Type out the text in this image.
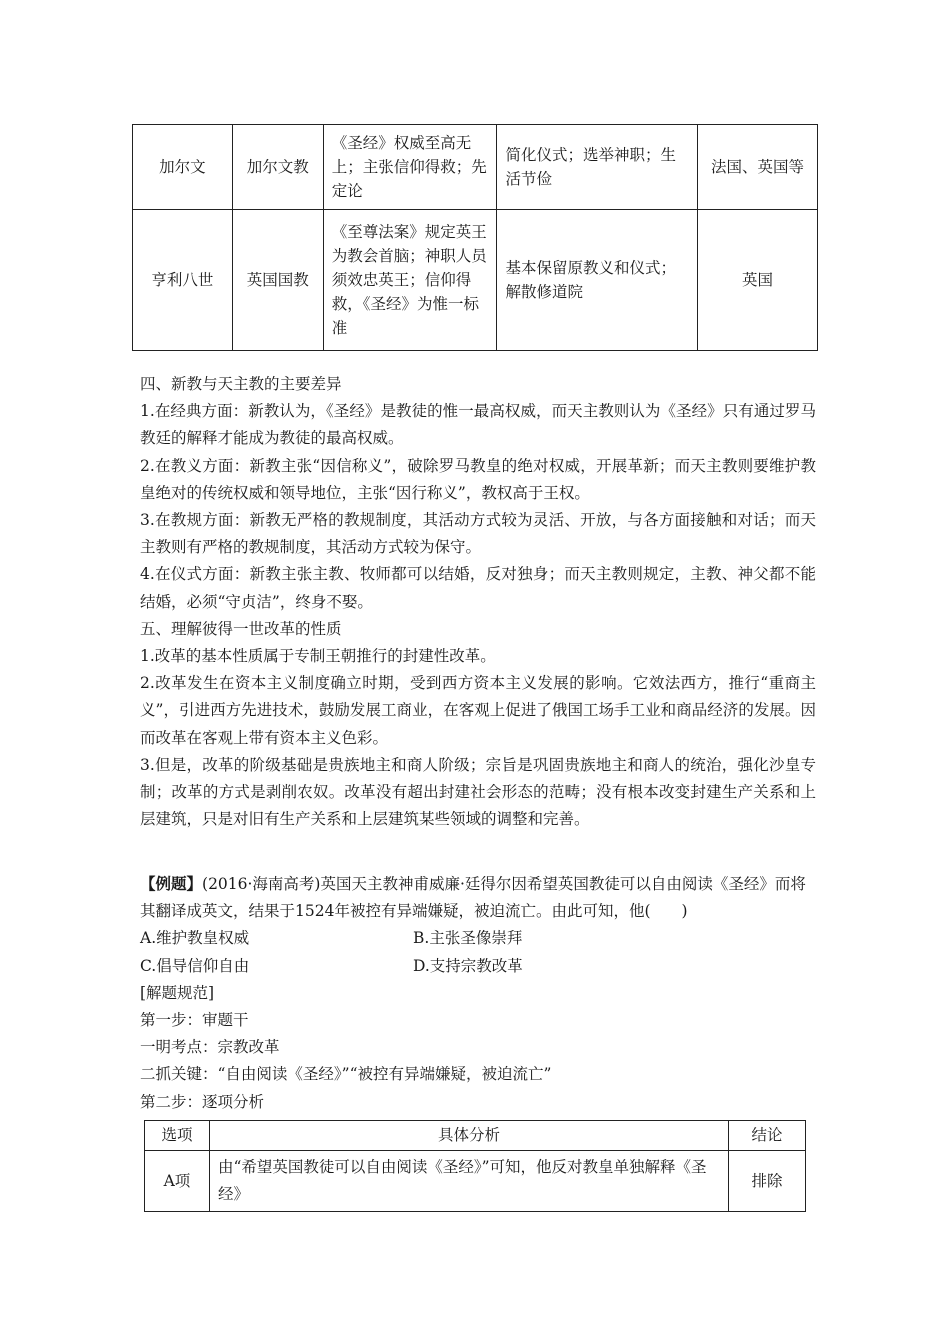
加尔文	加尔文教	《圣经》权威至高无上；主张信仰得救；先定论	简化仪式；选举神职；生活节俭	法国、英国等
亨利八世	英国国教	《至尊法案》规定英王为教会首脑；神职人员须效忠英王；信仰得救，《圣经》为惟一标准	基本保留原教义和仪式；解散修道院	英国

四、新教与天主教的主要差异

1.在经典方面：新教认为，《圣经》是教徒的惟一最高权威，而天主教则认为《圣经》只有通过罗马教廷的解释才能成为教徒的最高权威。

2.在教义方面：新教主张“因信称义”，破除罗马教皇的绝对权威，开展革新；而天主教则要维护教皇绝对的传统权威和领导地位，主张“因行称义”，教权高于王权。

3.在教规方面：新教无严格的教规制度，其活动方式较为灵活、开放，与各方面接触和对话；而天主教则有严格的教规制度，其活动方式较为保守。

4.在仪式方面：新教主张主教、牧师都可以结婚，反对独身；而天主教则规定，主教、神父都不能结婚，必须“守贞洁”，终身不娶。

五、理解彼得一世改革的性质

1.改革的基本性质属于专制王朝推行的封建性改革。

2.改革发生在资本主义制度确立时期，受到西方资本主义发展的影响。它效法西方，推行“重商主义”，引进西方先进技术，鼓励发展工商业，在客观上促进了俄国工场手工业和商品经济的发展。因而改革在客观上带有资本主义色彩。

3.但是，改革的阶级基础是贵族地主和商人阶级；宗旨是巩固贵族地主和商人的统治，强化沙皇专制；改革的方式是剥削农奴。改革没有超出封建社会形态的范畴；没有根本改变封建生产关系和上层建筑，只是对旧有生产关系和上层建筑某些领域的调整和完善。

【例题】(2016·海南高考)英国天主教神甫威廉·廷得尔因希望英国教徒可以自由阅读《圣经》而将其翻译成英文，结果于1524年被控有异端嫌疑，被迫流亡。由此可知，他(　　)

A.维护教皇权威	B.主张圣像崇拜
C.倡导信仰自由	D.支持宗教改革

[解题规范]

第一步：审题干

一明考点：宗教改革

二抓关键：“自由阅读《圣经》”“被控有异端嫌疑，被迫流亡”

第二步：逐项分析

选项	具体分析	结论
A项	由“希望英国教徒可以自由阅读《圣经》”可知，他反对教皇单独解释《圣经》	排除
